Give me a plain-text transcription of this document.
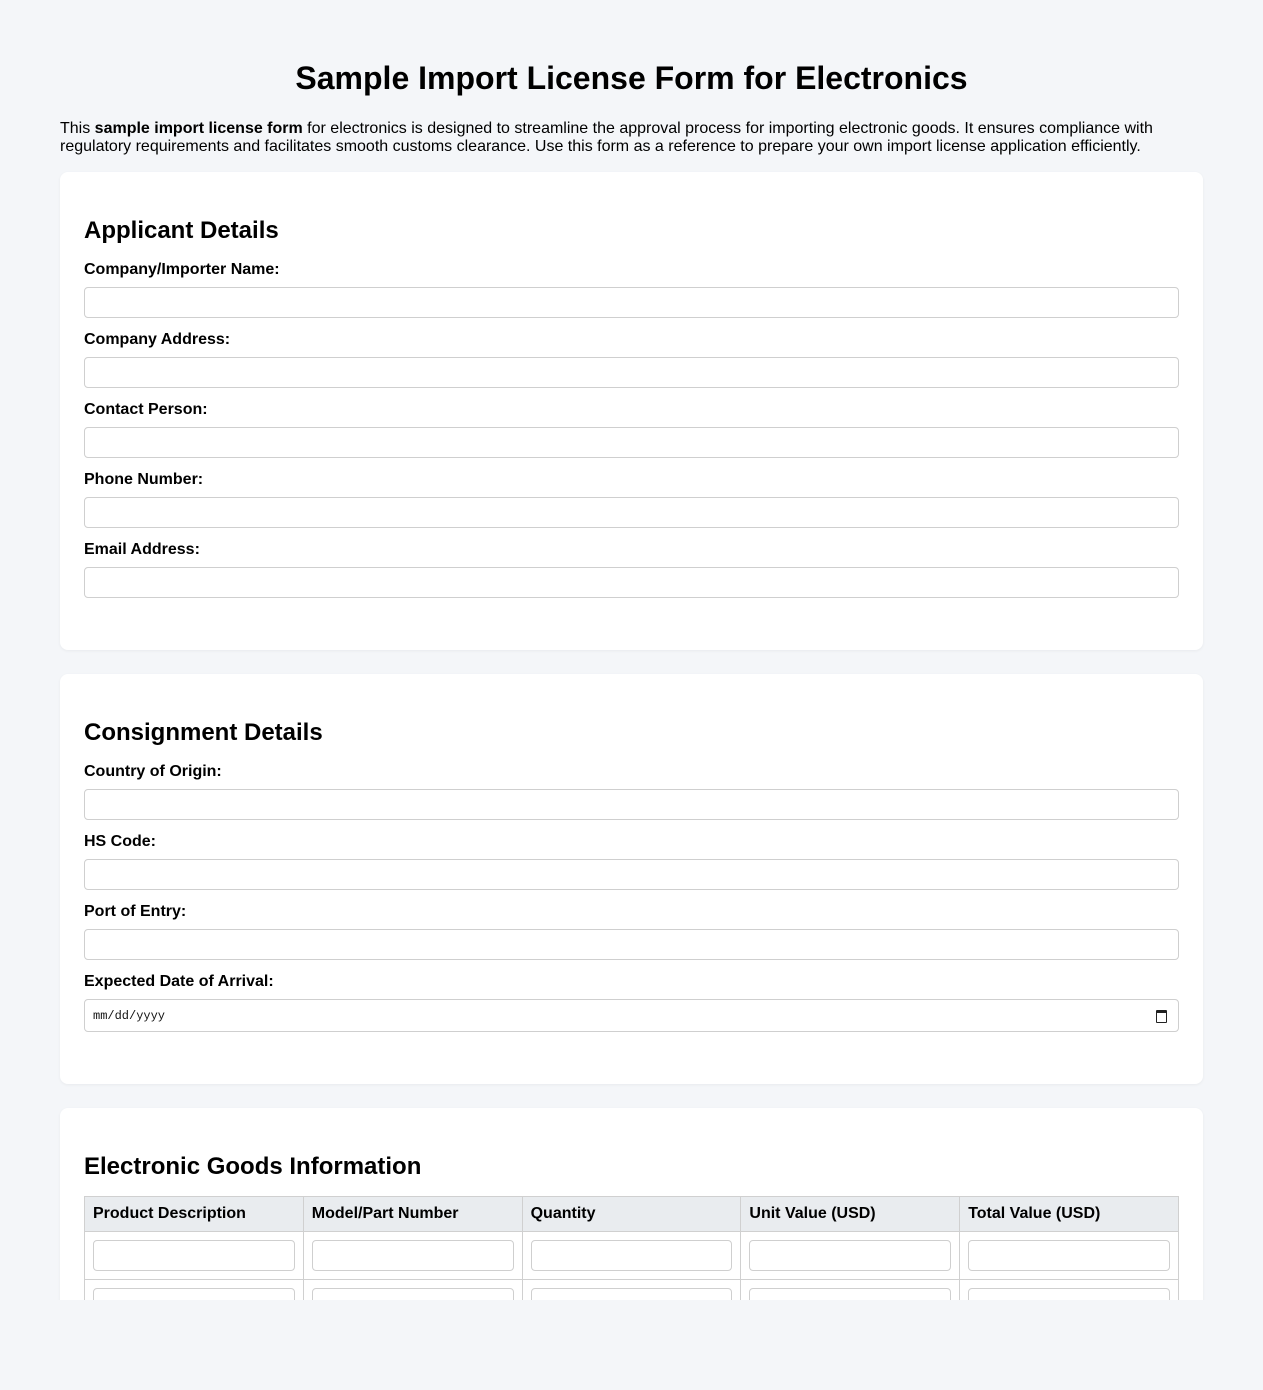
Sample Import License Form for Electronics

This sample import license form for electronics is designed to streamline the approval process for importing electronic goods. It ensures compliance with regulatory requirements and facilitates smooth customs clearance. Use this form as a reference to prepare your own import license application efficiently.

Applicant Details
Company/Importer Name:
Company Address:
Contact Person:
Phone Number:
Email Address:
Consignment Details
Country of Origin:
HS Code:
Port of Entry:
Expected Date of Arrival:
mm/dd/yyyy
Electronic Goods Information
Product Description	Model/Part Number	Quantity	Unit Value (USD)	Total Value (USD)
